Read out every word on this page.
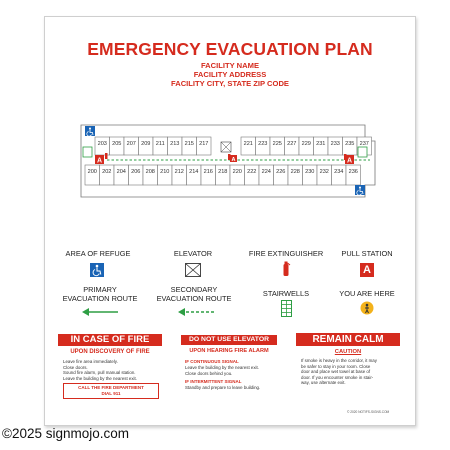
EMERGENCY EVACUATION PLAN
FACILITY NAME
FACILITY ADDRESS
FACILITY CITY, STATE ZIP CODE
203 205 207 209 211 213 215 217	221 223 225 227 229 231 233 235 237
200 202 204 206 208 210 212 214 216 218 220 222 224 226 228 230 232 234 236
A	A	A
AREA OF REFUGE	ELEVATOR	FIRE EXTINGUISHER	PULL STATION
A
PRIMARY
EVACUATION ROUTE
SECONDARY
EVACUATION ROUTE
STAIRWELLS	YOU ARE HERE
IN CASE OF FIRE
UPON DISCOVERY OF FIRE
Leave fire area immediately.
Close doors.
Sound fire alarm, pull manual station.
Leave the building by the nearest exit.
CALL THE FIRE DEPARTMENT
DIAL 911
DO NOT USE ELEVATOR
UPON HEARING FIRE ALARM
IF CONTINUOUS SIGNAL
Leave the building by the nearest exit.
Close doors behind you.
IF INTERMITTENT SIGNAL
Standby and prepare to leave building.
REMAIN CALM
CAUTION
If smoke is heavy in the corridor, it may
be safer to stay in your room. Close
door and place wet towel at base of
door. If you encounter smoke in stair-
way, use alternate exit.
© 2020 NOTIFS-SIGNS.COM
©2025 signmojo.com
